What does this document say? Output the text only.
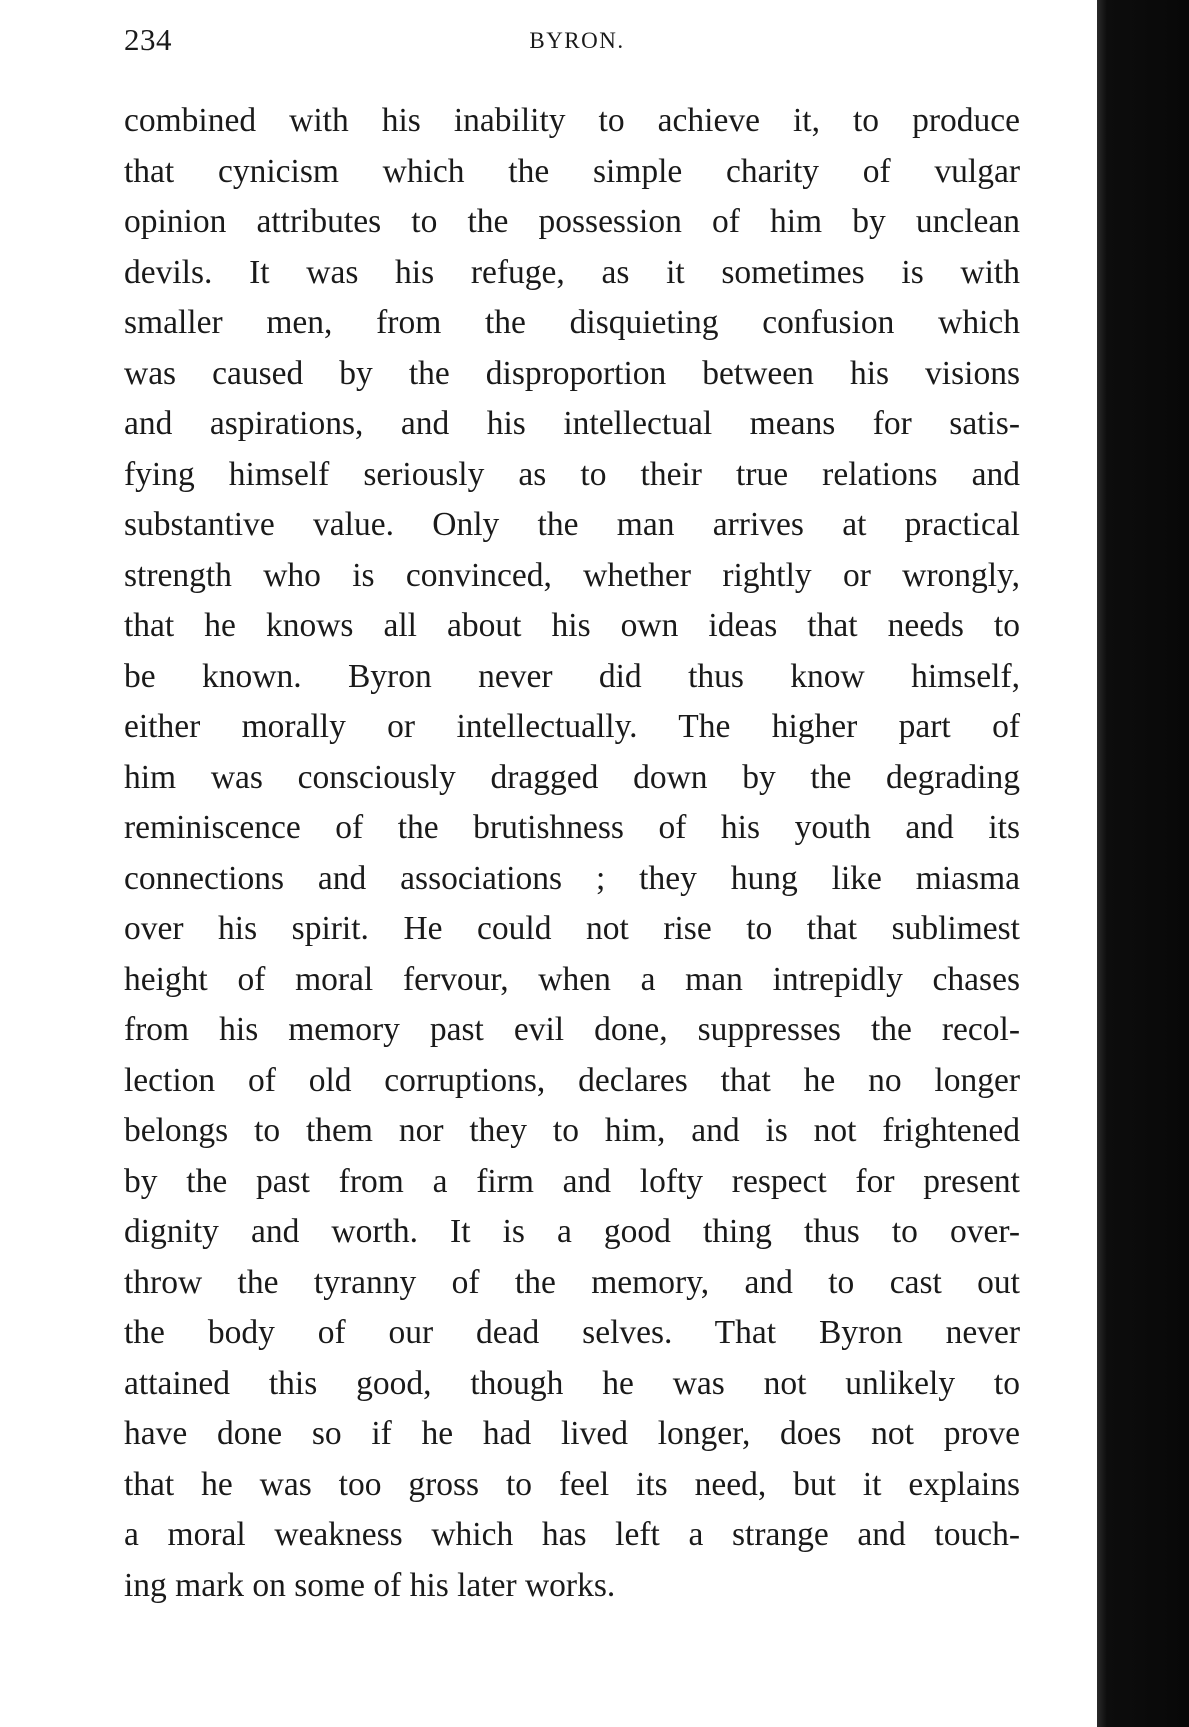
234	BYRON.
combined with his inability to achieve it, to produce
that cynicism which the simple charity of vulgar
opinion attributes to the possession of him by unclean
devils. It was his refuge, as it sometimes is with
smaller men, from the disquieting confusion which
was caused by the disproportion between his visions
and aspirations, and his intellectual means for satis-
fying himself seriously as to their true relations and
substantive value. Only the man arrives at practical
strength who is convinced, whether rightly or wrongly,
that he knows all about his own ideas that needs to
be known. Byron never did thus know himself,
either morally or intellectually. The higher part of
him was consciously dragged down by the degrading
reminiscence of the brutishness of his youth and its
connections and associations ; they hung like miasma
over his spirit. He could not rise to that sublimest
height of moral fervour, when a man intrepidly chases
from his memory past evil done, suppresses the recol-
lection of old corruptions, declares that he no longer
belongs to them nor they to him, and is not frightened
by the past from a firm and lofty respect for present
dignity and worth. It is a good thing thus to over-
throw the tyranny of the memory, and to cast out
the body of our dead selves. That Byron never
attained this good, though he was not unlikely to
have done so if he had lived longer, does not prove
that he was too gross to feel its need, but it explains
a moral weakness which has left a strange and touch-
ing mark on some of his later works.
